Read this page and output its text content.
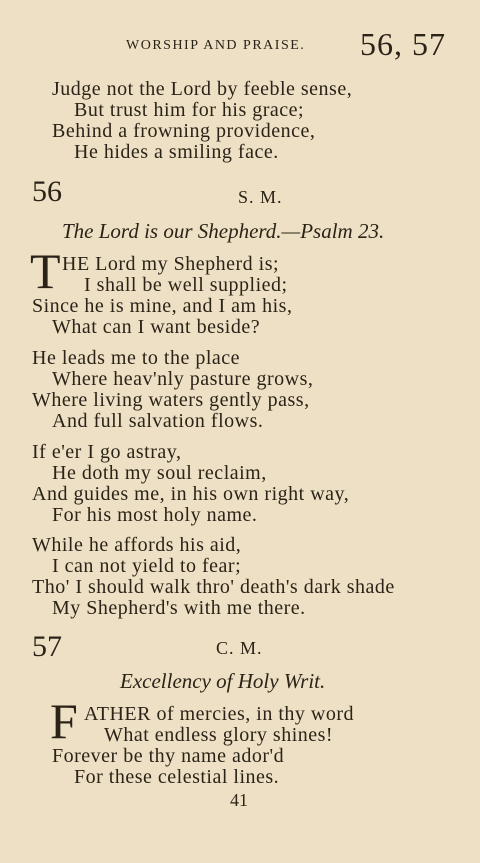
WORSHIP AND PRAISE. 56, 57
Judge not the Lord by feeble sense,
But trust him for his grace;
Behind a frowning providence,
He hides a smiling face.
56	S. M.
The Lord is our Shepherd.—Psalm 23.
T HE Lord my Shepherd is;
I shall be well supplied;
Since he is mine, and I am his,
What can I want beside?
He leads me to the place
Where heav'nly pasture grows,
Where living waters gently pass,
And full salvation flows.
If e'er I go astray,
He doth my soul reclaim,
And guides me, in his own right way,
For his most holy name.
While he affords his aid,
I can not yield to fear;
Tho' I should walk thro' death's dark shade
My Shepherd's with me there.
57	C. M.
Excellency of Holy Writ.
F ATHER of mercies, in thy word
What endless glory shines!
Forever be thy name ador'd
For these celestial lines.
41
